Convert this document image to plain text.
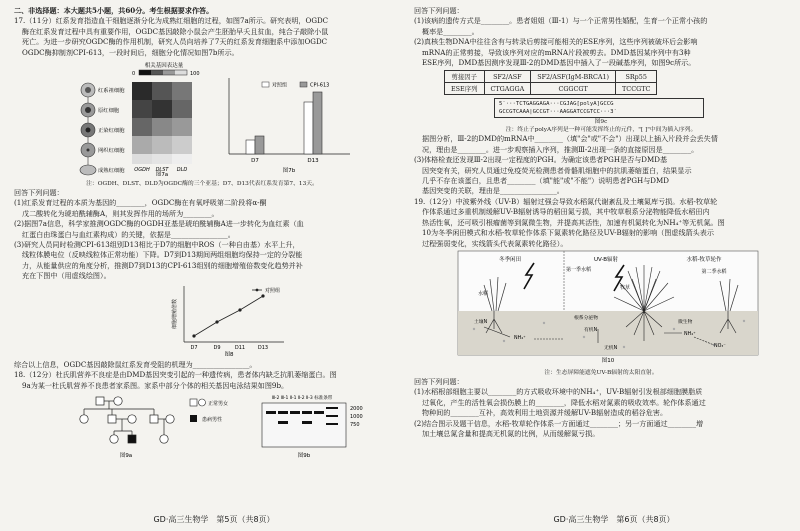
二、非选择题：本大题共5小题，共60分。考生根据要求作答。

17.（11分）红系发育指造血干细胞逐渐分化为成熟红细胞的过程，如图7a所示。研究表明，OGDC

酶在红系发育过程中具有重要作用，OGDC基因敲除小鼠会产生胚胎早夭且贫血，纯合子敲除小鼠

死亡。为进一步研究OGDC酶的作用机制，研究人员向培养了7天的红系发育细胞系中添加OGDC

OGDC酶抑制剂CPI-613，一段时间后，细胞分化情况如图7b所示。

相关基因表达量
0	100
红系祖细胞
原红细胞
正染红细胞
网织红细胞
成熟红细胞 OGDH DLST DLD
对照组	CPI-613
D7	D13
图7a
图7b

注：OGDH、DLST、DLD为OGDC酶的三个亚基；D7、D13代表红系发育第7、13天。

回答下列问题：

(1)红系发育过程的本质为基因的________，OGDC酶在有氧呼吸第二阶段将α-酮

戊二酸转化为琥珀酰辅酶A，则其发挥作用的场所为________。

(2)据图7a信息，科学家推测OGDC酶的OGDH亚基是琥珀酰辅酶A进一步转化为血红素（血

红蛋白由珠蛋白与血红素构成）的关键，依据是________________。

(3)研究人员同时检测CPI-613组别D13相比于D7的细胞中ROS（一种自由基）水平上升，

线粒体膜电位（反映线粒体正常功能）下降。D7到D13期间两组细胞均保持一定的分裂能

力，从能量供应的角度分析，推测D7到D13的CPI-613组别的细胞增殖倍数变化趋势并补

充在下图中（用虚线绘图）。

细胞增殖倍数
对照组
D7	D9	D11	D13
图8

综合以上信息，OGDC基因敲除鼠红系发育受阻的机理为________________。

18.（12分）杜氏肌营养不良症是由DMD基因突变引起的一种遗传病，患者体内缺乏抗肌萎缩蛋白。图

9a为某一杜氏肌营养不良患者家系图。家系中部分个体的相关基因电泳结果如图9b。

正常男女
患病男性
图9a
Ⅲ-2 Ⅲ-1 Ⅱ-1 Ⅱ-2 Ⅱ-3 标准条带
2000
1000
750
图9b
GD·高三生物学　第5页（共8页）

回答下列问题：

(1)该病的遗传方式是________。患者姐姐（Ⅲ-1）与一个正常男性婚配，生育一个正常小孩的

概率是________。

(2)真核生物DNA中往往含有与转录后剪接可能相关的ESE序列，这些序列被破坏后会影响

mRNA的正常剪接，导致该序列对应的mRNA片段被剪去。DMD基因某序列中有3种

ESE序列，DMD基因测序发现Ⅲ-2的DMD基因中插入了一段碱基序列，如图9c所示。

剪接因子	SF2/ASF	SF2/ASF(IgM-BRCA1)	SRp55
ESE序列	CTGAGGA	CGGCGT	TCCGTC
5′···TCTGAGGAGA···CGJAG[polyA]GCCG
GCCGTCAAA|GCCGT···AAGGATCCGTCC···3′

图9c

注：终止子polyA序列是一种可能发挥终止的元件，"[ ]"中间为插入序列。

据图分析，Ⅲ-2的DMD的mRNA中________（填"会"或"不会"）出现以上插入片段并会丢失情

况，理由是________。进一步观察插入序列，推测Ⅲ-2出现一条的直接原因是________。

(3)体格检查还发现Ⅲ-2出现一定程度的PGH。为确定该患者PGH是否与DMD基

因突变有关，研究人员通过免疫荧光检测患者骨骼肌细胞中的抗肌萎缩蛋白，结果显示

几乎不存在该蛋白，且患者________（填"能"或"不能"）说明患者PGH与DMD

基因突变的关联，理由是________________。

19.（12分）中波紫外线（UV-B）辐射过强会导致水稻氮代谢紊乱及土壤氮库亏损。水稻-牧草轮

作体系通过多重机制缓解UV-B辐射诱导的稻田氮亏损，其中牧草根系分泌物能降低水稻田内

热活性氧，还可吸引根瘤菌等到氮微生物，并提高其活性，加速有机氮转化为NH₄⁺等无机氮。图

10为冬季闲田模式和水稻-牧草轮作体系下氮素转化路径及UV-B辐射的影响（图虚线箭头表示

过程强弱变化，实线箭头代表氮素转化路径）。

冬季闲田	UV-B辐射	水稻-牧草轮作
水稻
第一季水稻	第二季水稻
牧草
土壤N
NH₄⁺
根系分泌物
有机N
微生物
NH₄⁺
NO₃⁻
无机N
图10

注：生态屏障能遮免UV-B辐射的太阳直射。

回答下列问题：

(1)水稻根部细胞主要以________的方式吸收环境中的NH₄⁺，UV-B辐射引发根部细胞膜脂质

过氧化，产生的活性氧会损伤膜上的________，降低水稻对氮素的吸收效率。轮作体系通过

物种间的________互补，高效利用土地资源并缓解UV-B辐射造成的稻谷危害。

(2)结合图示及题干信息，水稻-牧草轮作体系一方面通过________；另一方面通过________增

加土壤总氮含量和提高无机氮的比例，从而缓解氮亏损。

GD·高三生物学　第6页（共8页）
